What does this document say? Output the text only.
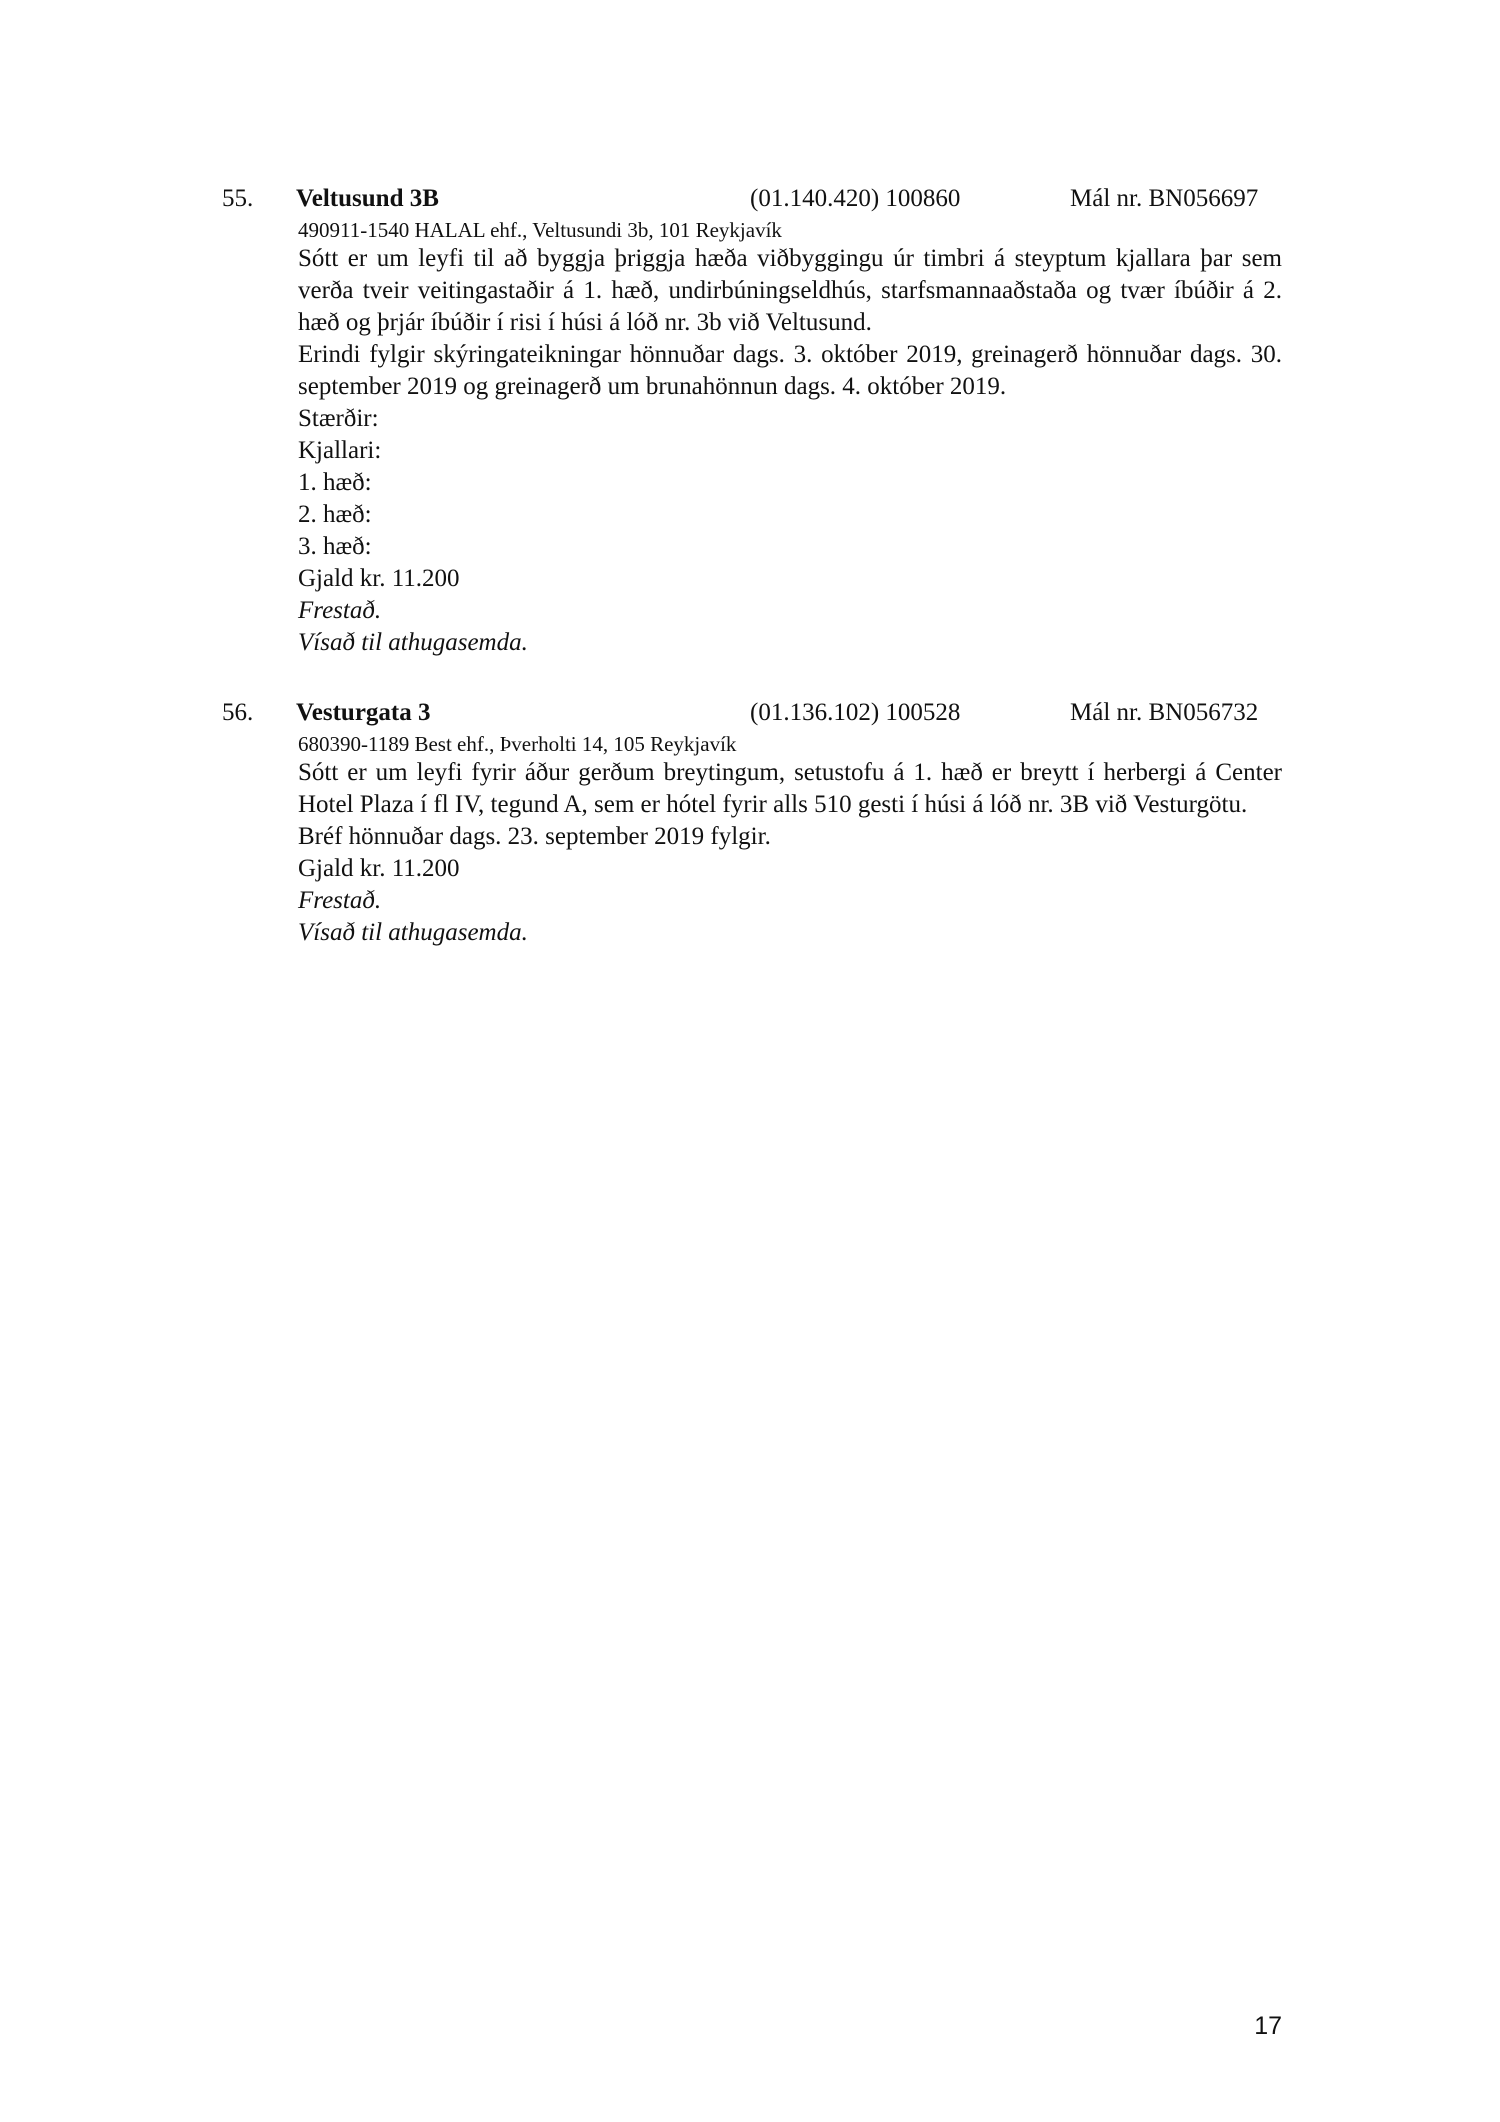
55. Veltusund 3B	(01.140.420) 100860	Mál nr. BN056697
490911-1540 HALAL ehf., Veltusundi 3b, 101 Reykjavík
Sótt er um leyfi til að byggja þriggja hæða viðbyggingu úr timbri á steyptum kjallara þar sem verða tveir veitingastaðir á 1. hæð, undirbúningseldhús, starfsmannaaðstaða og tvær íbúðir á 2. hæð og þrjár íbúðir í risi í húsi á lóð nr. 3b við Veltusund.
Erindi fylgir skýringateikningar hönnuðar dags. 3. október 2019, greinagerð hönnuðar dags. 30. september 2019 og greinagerð um brunahönnun dags. 4. október 2019.
Stærðir:
Kjallari:
1. hæð:
2. hæð:
3. hæð:
Gjald kr. 11.200
Frestað.
Vísað til athugasemda.
56. Vesturgata 3	(01.136.102) 100528	Mál nr. BN056732
680390-1189 Best ehf., Þverholti 14, 105 Reykjavík
Sótt er um leyfi fyrir áður gerðum breytingum, setustofu á 1. hæð er breytt í herbergi á Center Hotel Plaza í fl IV, tegund A, sem er hótel fyrir alls 510 gesti í húsi á lóð nr. 3B við Vesturgötu.
Bréf hönnuðar dags. 23. september 2019 fylgir.
Gjald kr. 11.200
Frestað.
Vísað til athugasemda.
17
